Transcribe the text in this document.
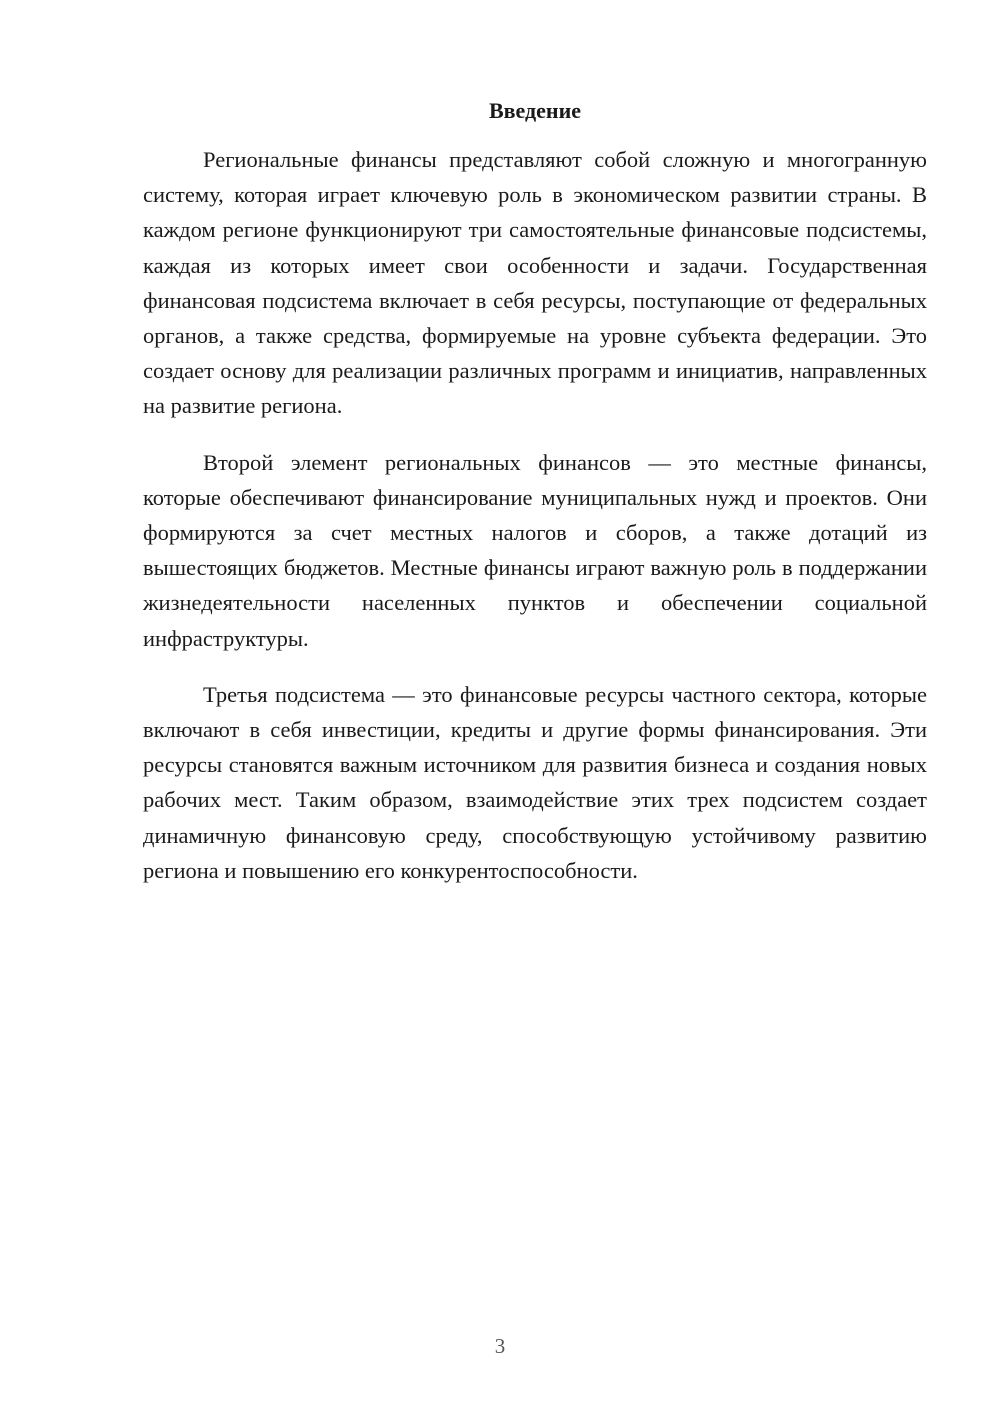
Введение

Региональные финансы представляют собой сложную и многогранную систему, которая играет ключевую роль в экономическом развитии страны. В каждом регионе функционируют три самостоятельные финансовые подсистемы, каждая из которых имеет свои особенности и задачи. Государственная финансовая подсистема включает в себя ресурсы, поступающие от федеральных органов, а также средства, формируемые на уровне субъекта федерации. Это создает основу для реализации различных программ и инициатив, направленных на развитие региона.

Второй элемент региональных финансов — это местные финансы, которые обеспечивают финансирование муниципальных нужд и проектов. Они формируются за счет местных налогов и сборов, а также дотаций из вышестоящих бюджетов. Местные финансы играют важную роль в поддержании жизнедеятельности населенных пунктов и обеспечении социальной инфраструктуры.

Третья подсистема — это финансовые ресурсы частного сектора, которые включают в себя инвестиции, кредиты и другие формы финансирования. Эти ресурсы становятся важным источником для развития бизнеса и создания новых рабочих мест. Таким образом, взаимодействие этих трех подсистем создает динамичную финансовую среду, способствующую устойчивому развитию региона и повышению его конкурентоспособности.

3
